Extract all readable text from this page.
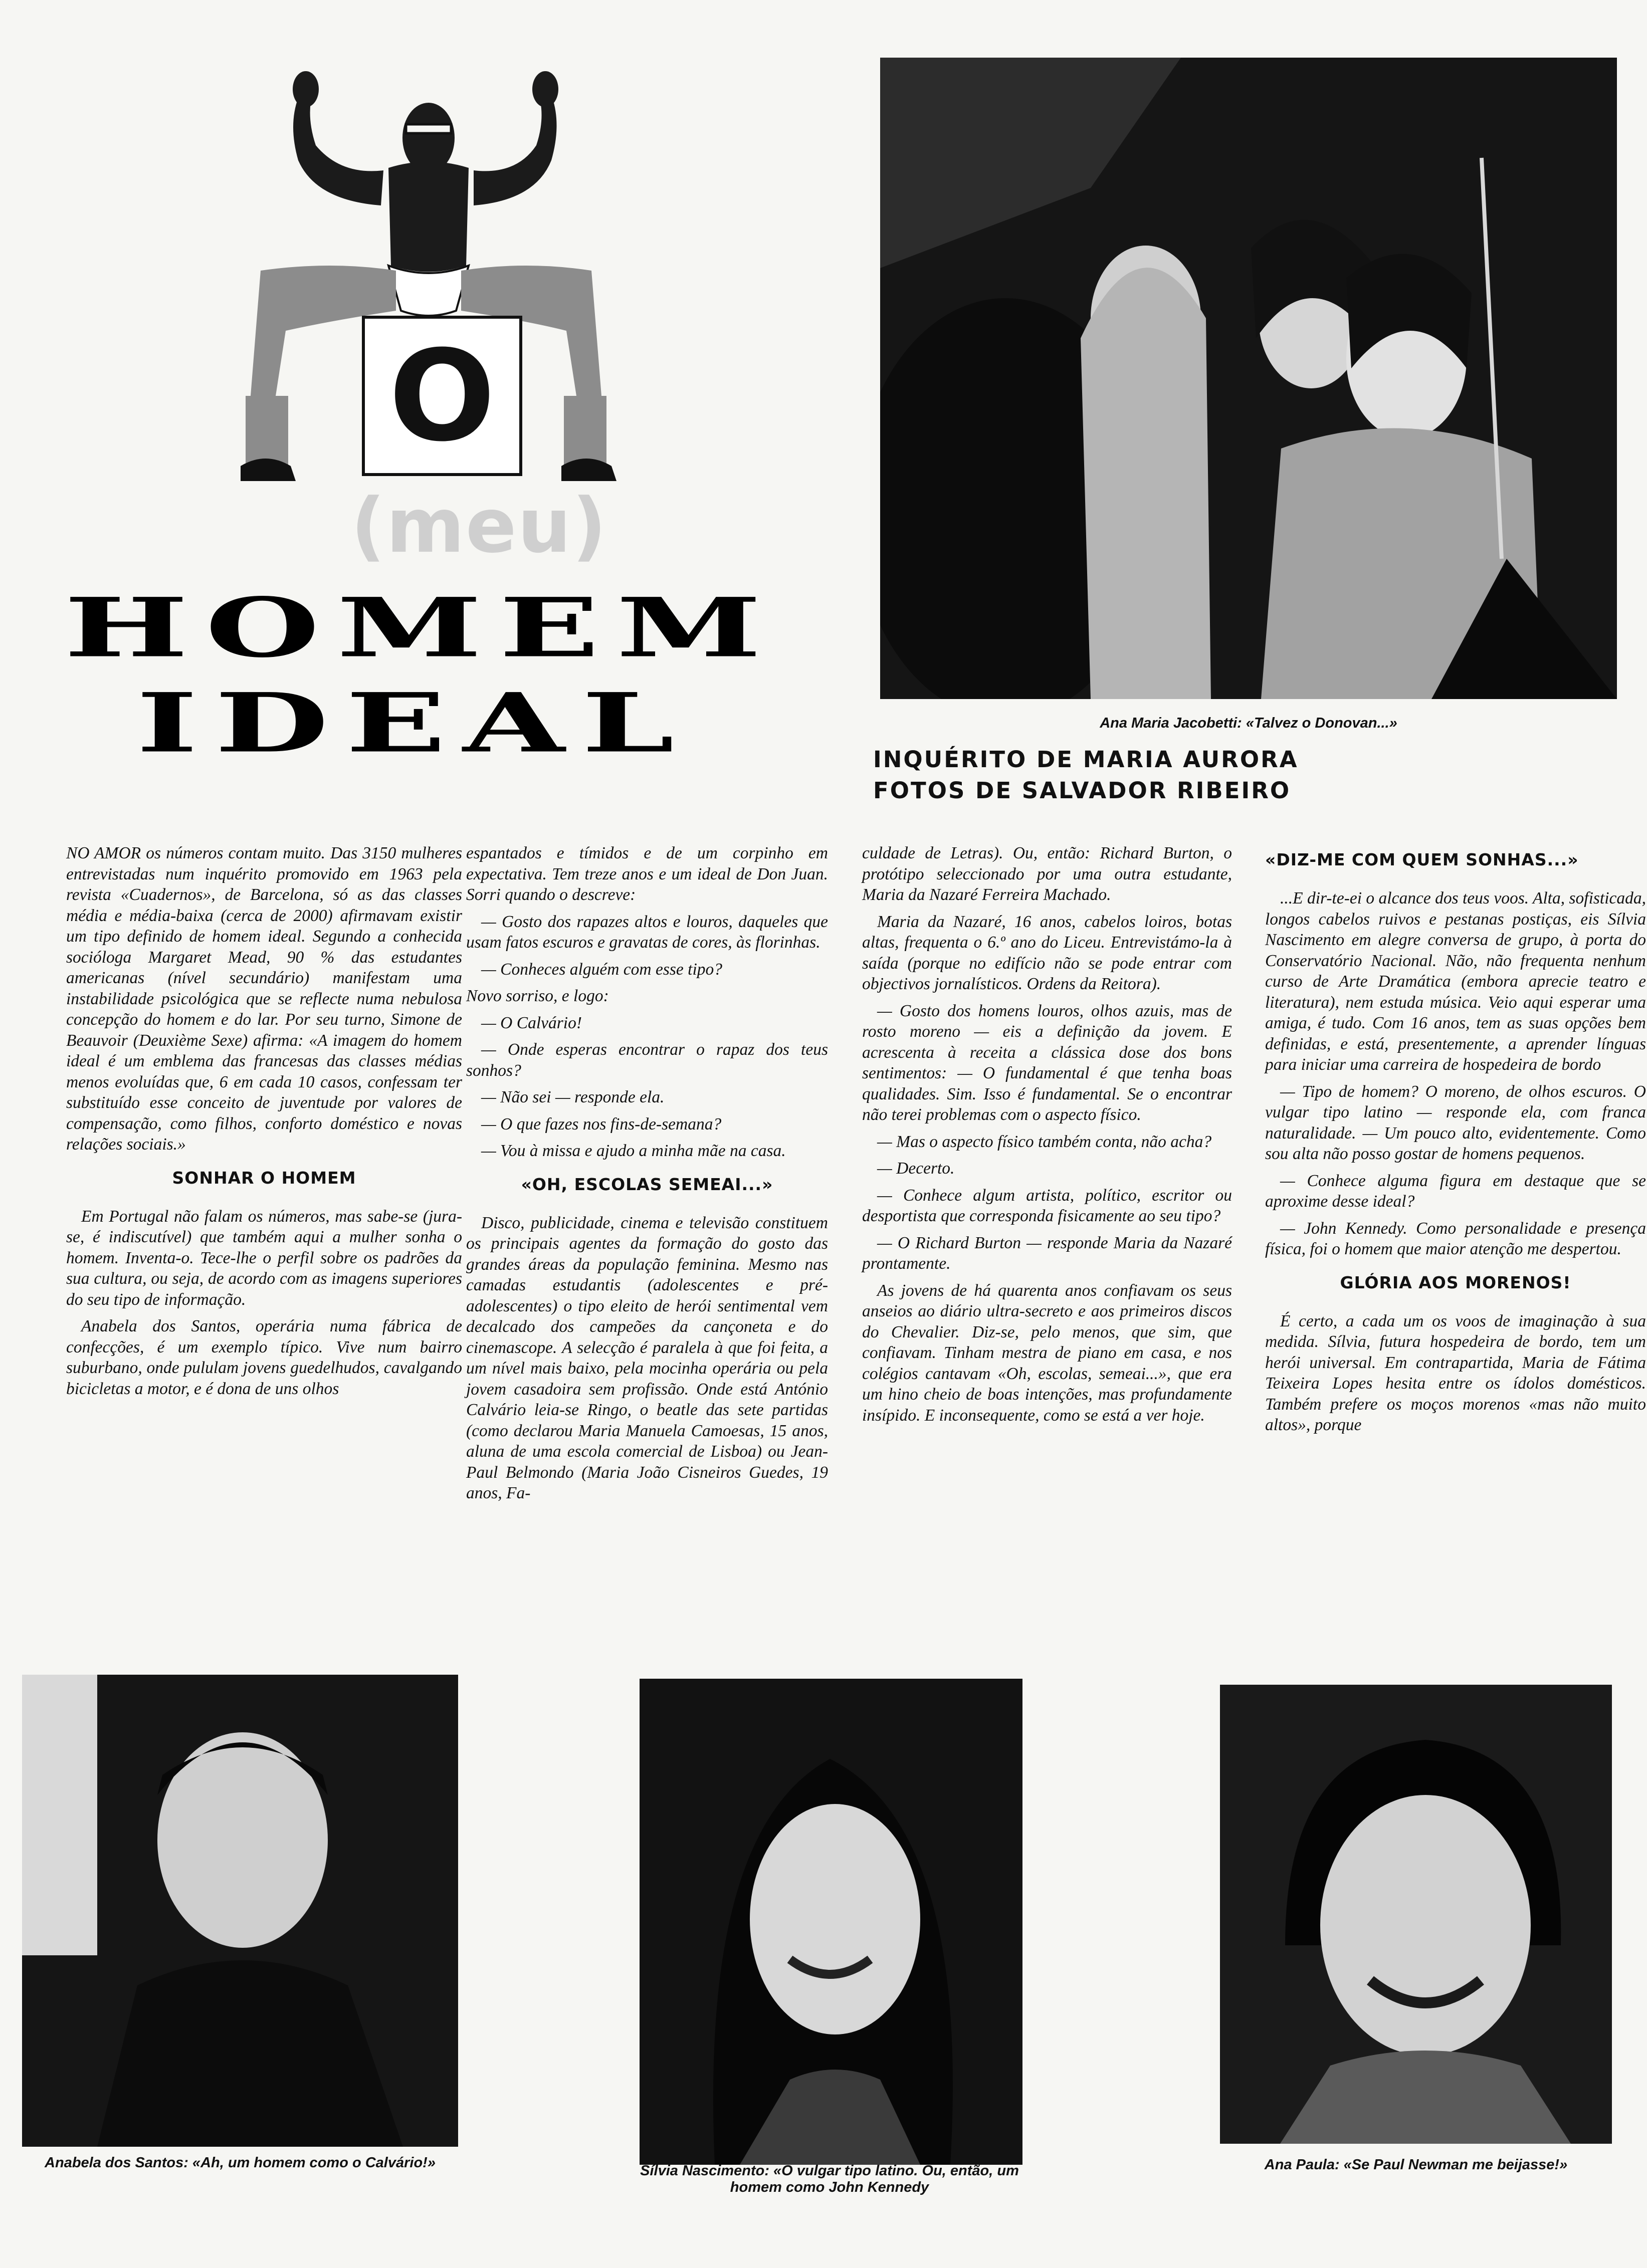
O
(meu)
HOMEM
IDEAL	Ana Maria Jacobetti: «Talvez o Donovan...»
INQUÉRITO DE MARIA AURORA
FOTOS DE SALVADOR RIBEIRO

NO AMOR os números contam muito. Das 3150 mulheres entrevistadas num inquérito promovido em 1963 pela revista «Cuadernos», de Barcelona, só as das classes média e média-baixa (cerca de 2000) afirmavam existir um tipo definido de homem ideal. Segundo a conhecida socióloga Margaret Mead, 90 % das estudantes americanas (nível secundário) manifestam uma instabilidade psicológica que se reflecte numa nebulosa concepção do homem e do lar. Por seu turno, Simone de Beauvoir (Deuxième Sexe) afirma: «A imagem do homem ideal é um emblema das francesas das classes médias menos evoluídas que, 6 em cada 10 casos, confessam ter substituído esse conceito de juventude por valores de compensação, como filhos, conforto doméstico e novas relações sociais.»

SONHAR O HOMEM

Em Portugal não falam os números, mas sabe-se (jura-se, é indiscutível) que também aqui a mulher sonha o homem. Inventa-o. Tece-lhe o perfil sobre os padrões da sua cultura, ou seja, de acordo com as imagens superiores do seu tipo de informação.

Anabela dos Santos, operária numa fábrica de confecções, é um exemplo típico. Vive num bairro suburbano, onde pululam jovens guedelhudos, cavalgando bicicletas a motor, e é dona de uns olhos

espantados e tímidos e de um corpinho em expectativa. Tem treze anos e um ideal de Don Juan. Sorri quando o descreve:

— Gosto dos rapazes altos e louros, daqueles que usam fatos escuros e gravatas de cores, às florinhas.

— Conheces alguém com esse tipo?

Novo sorriso, e logo:

— O Calvário!

— Onde esperas encontrar o rapaz dos teus sonhos?

— Não sei — responde ela.

— O que fazes nos fins-de-semana?

— Vou à missa e ajudo a minha mãe na casa.

«OH, ESCOLAS SEMEAI...»

Disco, publicidade, cinema e televisão constituem os principais agentes da formação do gosto das grandes áreas da população feminina. Mesmo nas camadas estudantis (adolescentes e pré-adolescentes) o tipo eleito de herói sentimental vem decalcado dos campeões da cançoneta e do cinemascope. A selecção é paralela à que foi feita, a um nível mais baixo, pela mocinha operária ou pela jovem casadoira sem profissão. Onde está António Calvário leia-se Ringo, o beatle das sete partidas (como declarou Maria Manuela Camoesas, 15 anos, aluna de uma escola comercial de Lisboa) ou Jean-Paul Belmondo (Maria João Cisneiros Guedes, 19 anos, Fa-

culdade de Letras). Ou, então: Richard Burton, o protótipo seleccionado por uma outra estudante, Maria da Nazaré Ferreira Machado.

Maria da Nazaré, 16 anos, cabelos loiros, botas altas, frequenta o 6.º ano do Liceu. Entrevistámo-la à saída (porque no edifício não se pode entrar com objectivos jornalísticos. Ordens da Reitora).

— Gosto dos homens louros, olhos azuis, mas de rosto moreno — eis a definição da jovem. E acrescenta à receita a clássica dose dos bons sentimentos: — O fundamental é que tenha boas qualidades. Sim. Isso é fundamental. Se o encontrar não terei problemas com o aspecto físico.

— Mas o aspecto físico também conta, não acha?

— Decerto.

— Conhece algum artista, político, escritor ou desportista que corresponda fisicamente ao seu tipo?

— O Richard Burton — responde Maria da Nazaré prontamente.

As jovens de há quarenta anos confiavam os seus anseios ao diário ultra-secreto e aos primeiros discos do Chevalier. Diz-se, pelo menos, que sim, que confiavam. Tinham mestra de piano em casa, e nos colégios cantavam «Oh, escolas, semeai...», que era um hino cheio de boas intenções, mas profundamente insípido. E inconsequente, como se está a ver hoje.

«DIZ-ME COM QUEM SONHAS...»

...E dir-te-ei o alcance dos teus voos. Alta, sofisticada, longos cabelos ruivos e pestanas postiças, eis Sílvia Nascimento em alegre conversa de grupo, à porta do Conservatório Nacional. Não, não frequenta nenhum curso de Arte Dramática (embora aprecie teatro e literatura), nem estuda música. Veio aqui esperar uma amiga, é tudo. Com 16 anos, tem as suas opções bem definidas, e está, presentemente, a aprender línguas para iniciar uma carreira de hospedeira de bordo

— Tipo de homem? O moreno, de olhos escuros. O vulgar tipo latino — responde ela, com franca naturalidade. — Um pouco alto, evidentemente. Como sou alta não posso gostar de homens pequenos.

— Conhece alguma figura em destaque que se aproxime desse ideal?

— John Kennedy. Como personalidade e presença física, foi o homem que maior atenção me despertou.

GLÓRIA AOS MORENOS!

É certo, a cada um os voos de imaginação à sua medida. Sílvia, futura hospedeira de bordo, tem um herói universal. Em contrapartida, Maria de Fátima Teixeira Lopes hesita entre os ídolos domésticos. Também prefere os moços morenos «mas não muito altos», porque

Anabela dos Santos: «Ah, um homem como o Calvário!»	Sílvia Nascimento: «O vulgar tipo latino. Ou, então, um homem como John Kennedy
Ana Paula: «Se Paul Newman me beijasse!»
